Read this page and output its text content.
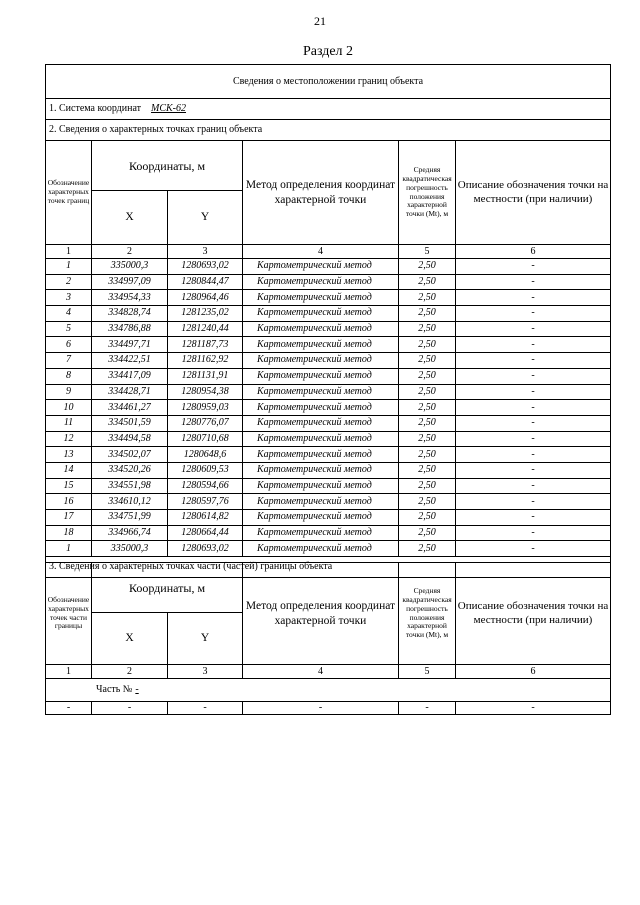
21
Раздел 2
Сведения о местоположении границ объекта					
1. Система координат МСК-62					
2. Сведения о характерных точках границ объекта					
Обозначение характерных точек границ	Координаты, м		Метод определения координат характерной точки	Средняя квадратическая погрешность положения характерной точки (Mt), м	Описание обозначения точки на местности (при наличии)
	X	Y			
1	2	3	4	5	6
1	335000,3	1280693,02	Картометрический метод	2,50	-
2	334997,09	1280844,47	Картометрический метод	2,50	-
3	334954,33	1280964,46	Картометрический метод	2,50	-
4	334828,74	1281235,02	Картометрический метод	2,50	-
5	334786,88	1281240,44	Картометрический метод	2,50	-
6	334497,71	1281187,73	Картометрический метод	2,50	-
7	334422,51	1281162,92	Картометрический метод	2,50	-
8	334417,09	1281131,91	Картометрический метод	2,50	-
9	334428,71	1280954,38	Картометрический метод	2,50	-
10	334461,27	1280959,03	Картометрический метод	2,50	-
11	334501,59	1280776,07	Картометрический метод	2,50	-
12	334494,58	1280710,68	Картометрический метод	2,50	-
13	334502,07	1280648,6	Картометрический метод	2,50	-
14	334520,26	1280609,53	Картометрический метод	2,50	-
15	334551,98	1280594,66	Картометрический метод	2,50	-
16	334610,12	1280597,76	Картометрический метод	2,50	-
17	334751,99	1280614,82	Картометрический метод	2,50	-
18	334966,74	1280664,44	Картометрический метод	2,50	-
1	335000,3	1280693,02	Картометрический метод	2,50	-
3. Сведения о характерных точках части (частей) границы объекта					
Обозначение характерных точек части границы	Координаты, м		Метод определения координат характерной точки	Средняя квадратическая погрешность положения характерной точки (Mt), м	Описание обозначения точки на местности (при наличии)
	X	Y			
1	2	3	4	5	6
Часть № -					
-	-	-	-	-	-
